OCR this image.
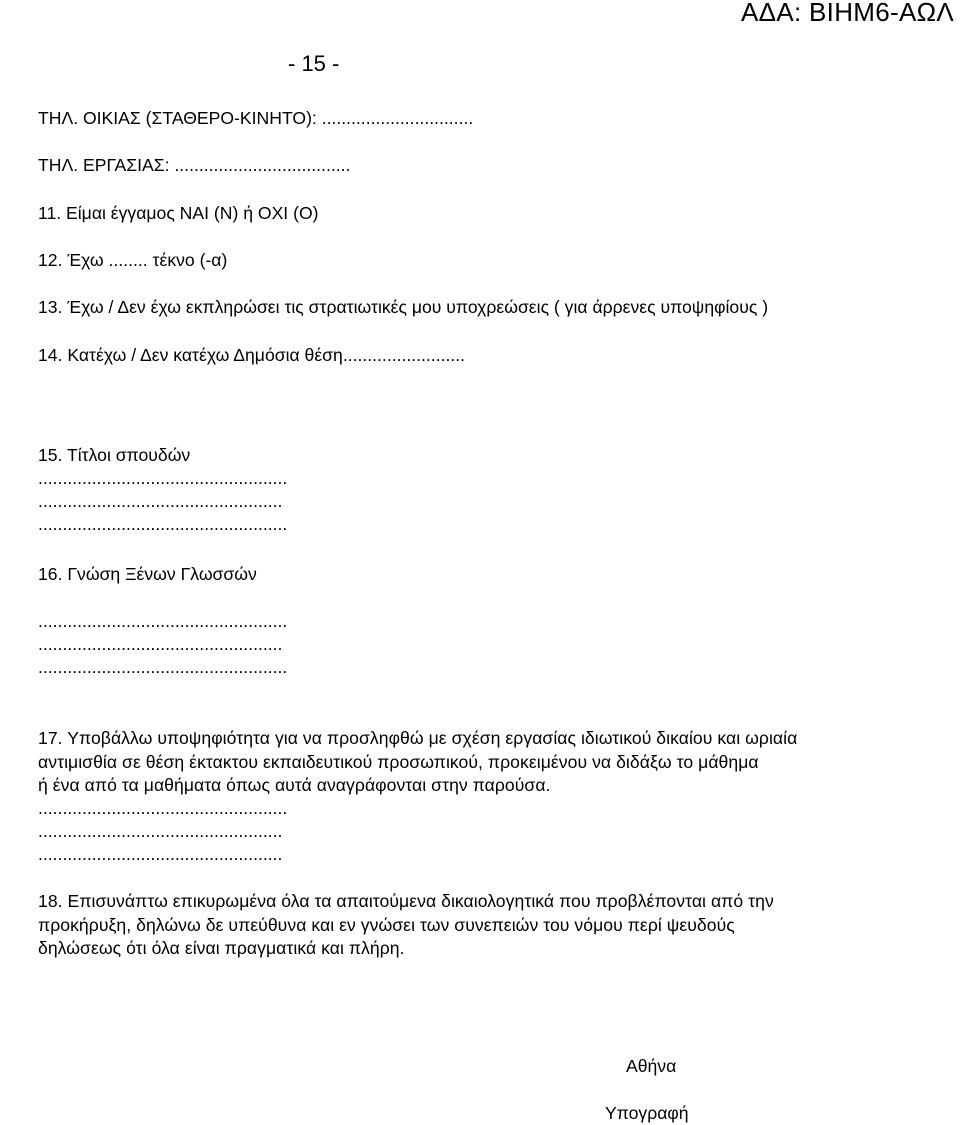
ΑΔΑ: ΒΙΗΜ6-ΑΩΛ
- 15 -
ΤΗΛ. ΟΙΚΙΑΣ (ΣΤΑΘΕΡΟ-ΚΙΝΗΤΟ): ...............................
ΤΗΛ. ΕΡΓΑΣΙΑΣ: ....................................
11. Είμαι έγγαμος ΝΑΙ (Ν) ή ΟΧΙ (Ο)
12. Έχω ........ τέκνο (-α)
13. Έχω / Δεν έχω εκπληρώσει τις στρατιωτικές μου υποχρεώσεις ( για άρρενες υποψηφίους )
14. Κατέχω / Δεν κατέχω Δημόσια θέση.........................
15. Τίτλοι σπουδών
...................................................
..................................................
...................................................
16. Γνώση Ξένων Γλωσσών
...................................................
..................................................
...................................................
17. Υποβάλλω υποψηφιότητα για να προσληφθώ με σχέση εργασίας ιδιωτικού δικαίου και ωριαία
αντιμισθία σε θέση έκτακτου εκπαιδευτικού προσωπικού, προκειμένου να διδάξω το μάθημα
ή ένα από τα μαθήματα όπως αυτά αναγράφονται στην παρούσα.
...................................................
..................................................
..................................................
18. Επισυνάπτω επικυρωμένα όλα τα απαιτούμενα δικαιολογητικά που προβλέπονται από την
προκήρυξη, δηλώνω δε υπεύθυνα και εν γνώσει των συνεπειών του νόμου περί ψευδούς
δηλώσεως ότι όλα είναι πραγματικά και πλήρη.
Αθήνα
Υπογραφή
